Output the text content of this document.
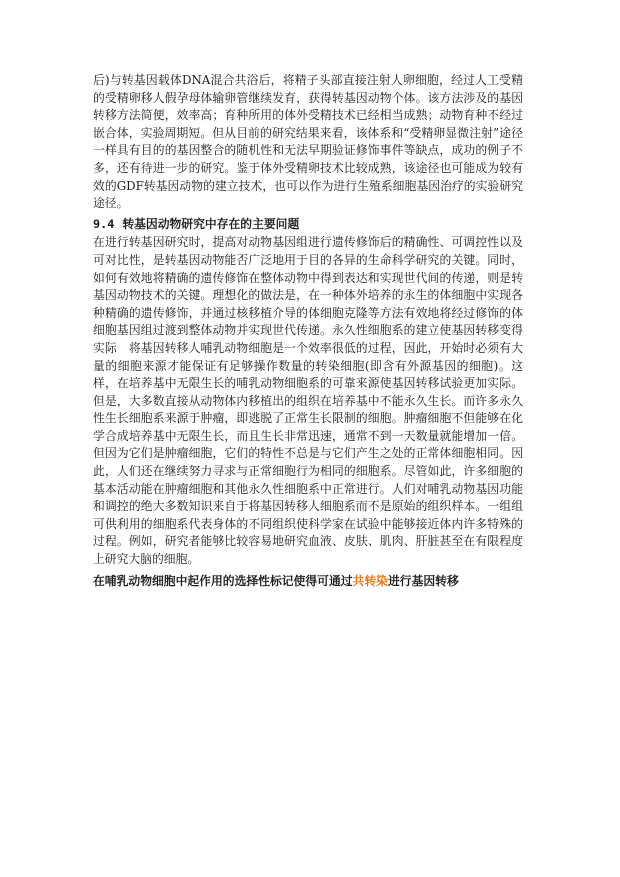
后)与转基因载体DNA混合共浴后，将精子头部直接注射人卵细胞，经过人工受精的受精卵移人假孕母体输卵管继续发育，获得转基因动物个体。该方法涉及的基因转移方法简便，效率高；育种所用的体外受精技术已经相当成熟；动物育种不经过嵌合体，实验周期短。但从目前的研究结果来看，该体系和“受精卵显微注射”途径一样具有目的的基因整合的随机性和无法早期验证修饰事件等缺点，成功的例子不多，还有待进一步的研究。鉴于体外受精卵技术比较成熟，该途径也可能成为较有效的GDF转基因动物的建立技术，也可以作为进行生殖系细胞基因治疗的实验研究途径。

9.4 转基因动物研究中存在的主要问题

在进行转基因研究时，提高对动物基因组进行遗传修饰后的精确性、可调控性以及可对比性，是转基因动物能否广泛地用于目的各异的生命科学研究的关键。同时，如何有效地将精确的遗传修饰在整体动物中得到表达和实现世代间的传递，则是转基因动物技术的关键。理想化的做法是，在一种体外培养的永生的体细胞中实现各种精确的遗传修饰，并通过核移植介导的体细胞克隆等方法有效地将经过修饰的体细胞基因组过渡到整体动物并实现世代传递。永久性细胞系的建立使基因转移变得实际　将基因转移人哺乳动物细胞是一个效率很低的过程，因此，开始时必须有大量的细胞来源才能保证有足够操作数量的转染细胞(即含有外源基因的细胞)。这样，在培养基中无限生长的哺乳动物细胞系的可靠来源使基因转移试验更加实际。但是，大多数直接从动物体内移植出的组织在培养基中不能永久生长。而许多永久性生长细胞系来源于肿瘤，即逃脱了正常生长限制的细胞。肿瘤细胞不但能够在化学合成培养基中无限生长，而且生长非常迅速，通常不到一天数量就能增加一倍。但因为它们是肿瘤细胞，它们的特性不总是与它们产生之处的正常体细胞相同。因此，人们还在继续努力寻求与正常细胞行为相同的细胞系。尽管如此，许多细胞的基本活动能在肿瘤细胞和其他永久性细胞系中正常进行。人们对哺乳动物基因功能和调控的绝大多数知识来自于将基因转移人细胞系而不是原始的组织样本。一组组可供利用的细胞系代表身体的不同组织使科学家在试验中能够接近体内许多特殊的过程。例如，研究者能够比较容易地研究血液、皮肤、肌肉、肝脏甚至在有限程度上研究大脑的细胞。

在哺乳动物细胞中起作用的选择性标记使得可通过共转染进行基因转移
